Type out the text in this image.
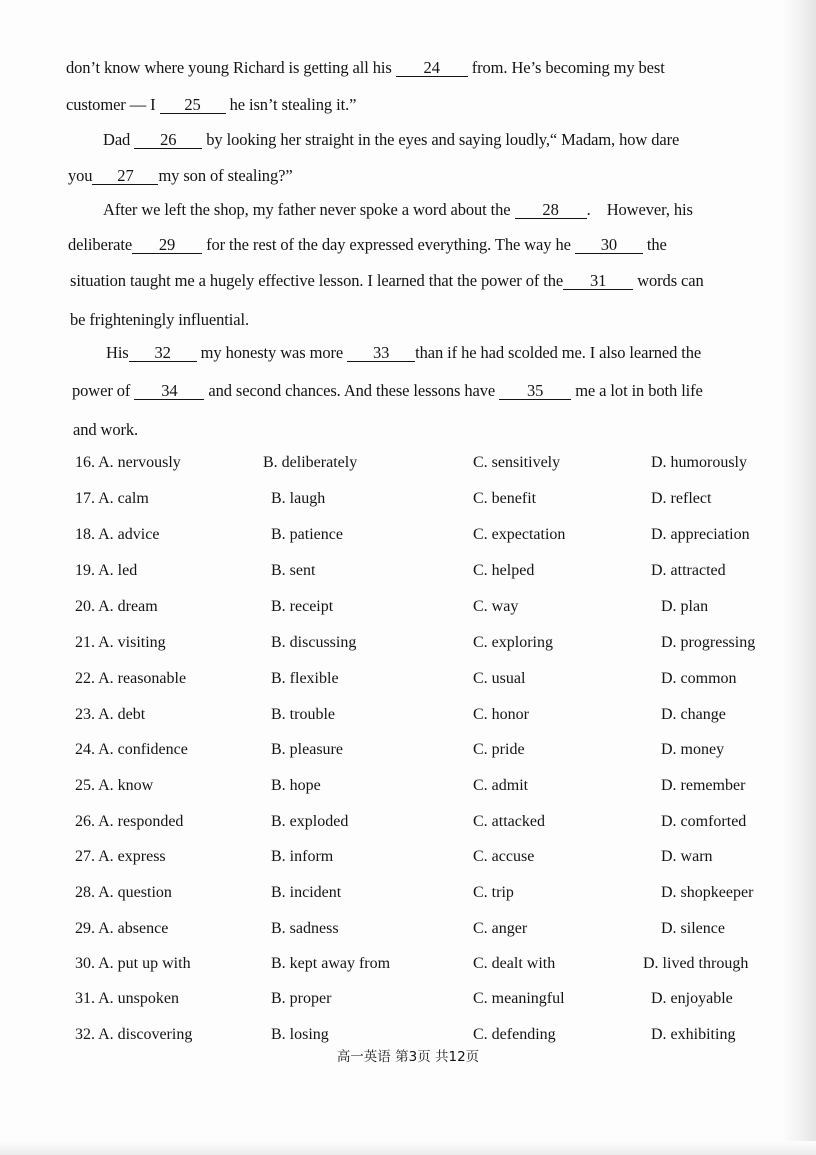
don’t know where young Richard is getting all his 24 from. He’s becoming my best
customer — I 25 he isn’t stealing it.”
Dad 26 by looking her straight in the eyes and saying loudly,“ Madam, how dare
you 27 my son of stealing?”
After we left the shop, my father never spoke a word about the 28 .    However, his
deliberate 29 for the rest of the day expressed everything. The way he 30 the
situation taught me a hugely effective lesson. I learned that the power of the 31 words can
be frighteningly influential.
His 32 my honesty was more 33 than if he had scolded me. I also learned the
power of 34 and second chances. And these lessons have 35 me a lot in both life
and work.
16. A. nervously	B. deliberately	C. sensitively	D. humorously
17. A. calm	B. laugh	C. benefit	D. reflect
18. A. advice	B. patience	C. expectation	D. appreciation
19. A. led	B. sent	C. helped	D. attracted
20. A. dream	B. receipt	C. way	D. plan
21. A. visiting	B. discussing	C. exploring	D. progressing
22. A. reasonable	B. flexible	C. usual	D. common
23. A. debt	B. trouble	C. honor	D. change
24. A. confidence	B. pleasure	C. pride	D. money
25. A. know	B. hope	C. admit	D. remember
26. A. responded	B. exploded	C. attacked	D. comforted
27. A. express	B. inform	C. accuse	D. warn
28. A. question	B. incident	C. trip	D. shopkeeper
29. A. absence	B. sadness	C. anger	D. silence
30. A. put up with	B. kept away from	C. dealt with	D. lived through
31. A. unspoken	B. proper	C. meaningful	D. enjoyable
32. A. discovering	B. losing	C. defending	D. exhibiting
高一英语 第3页 共12页
